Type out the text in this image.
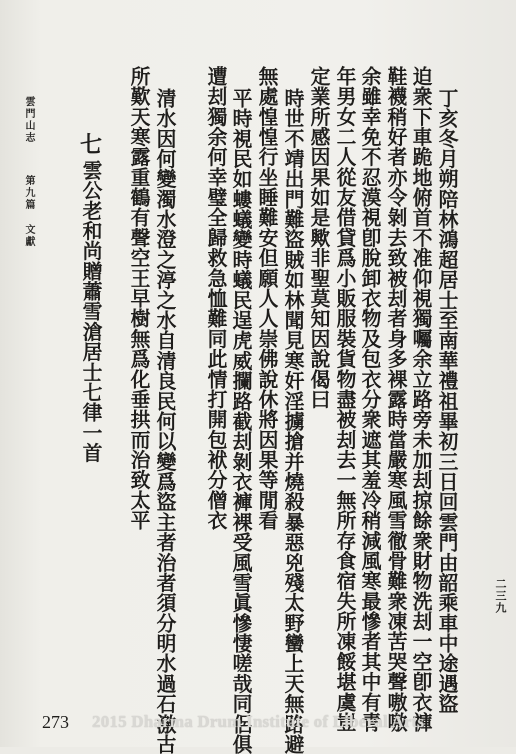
雲門山志
第九篇 文獻
二三九
丁亥冬月朔陪林鴻超居士至南華禮祖畢初三日回雲門由韶乘車中途遇盜
迫衆下車跪地俯首不准仰視獨囑余立路旁未加刦掠餘衆財物洗刦一空卽衣褲
鞋襪稍好者亦令剝去致被刦者身多裸露時當嚴寒風雪徹骨難衆凍苦哭聲嗷嗷
余雖幸免不忍漠視卽脫卸衣物及包衣分衆遮其羞冷稍減風寒最慘者其中有青
年男女二人從友借貸爲小販服裝貨物盡被刦去一無所存食宿失所凍餒堪虞豈
定業所感因果如是歟非聖莫知因說偈曰
時世不靖出門難盜賊如林聞見寒奸淫擄搶并燒殺暴惡兇殘太野蠻上天無路避
無處惶惶行坐睡難安但願人人崇佛說休將因果等閒看
平時視民如螻蟻變時蟻民逞虎威攔路截刦剝衣褲裸受風雪眞慘悽嗟哉同侶俱
遭刦獨余何幸璧全歸救急恤難同此情打開包袱分僧衣
清水因何變濁水澄之渟之水自清良民何以變爲盜主者治者須分明水過石激古
所歎天寒露重鶴有聲空王早樹無爲化垂拱而治致太平
七
雲公老和尚贈蕭雪滄居士七律一首
273 2015 Dharma Drum Institute of Liberal Arts
